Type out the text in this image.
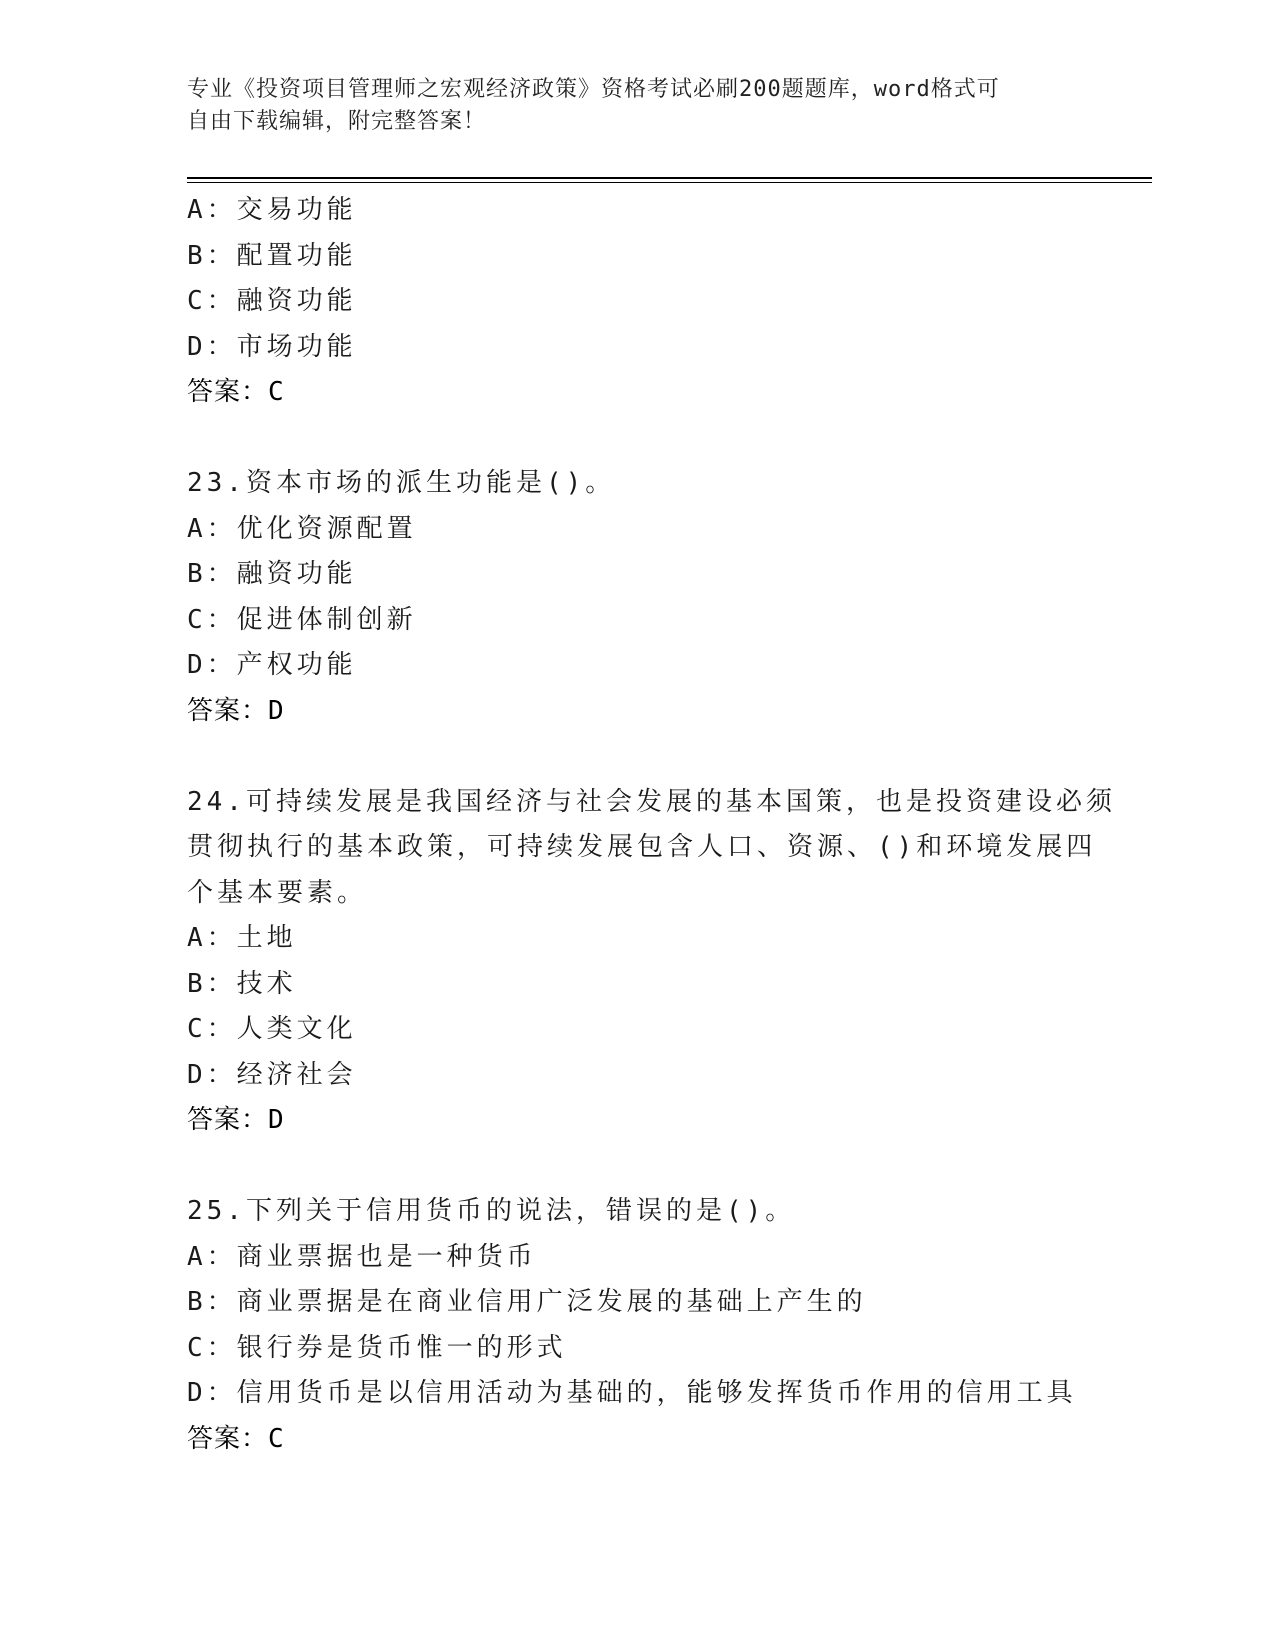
专业《投资项目管理师之宏观经济政策》资格考试必刷200题题库，word格式可
自由下载编辑，附完整答案！
A：交易功能
B：配置功能
C：融资功能
D：市场功能
答案：C
23.资本市场的派生功能是()。
A：优化资源配置
B：融资功能
C：促进体制创新
D：产权功能
答案：D
24.可持续发展是我国经济与社会发展的基本国策，也是投资建设必须
贯彻执行的基本政策，可持续发展包含人口、资源、()和环境发展四
个基本要素。
A：土地
B：技术
C：人类文化
D：经济社会
答案：D
25.下列关于信用货币的说法，错误的是()。
A：商业票据也是一种货币
B：商业票据是在商业信用广泛发展的基础上产生的
C：银行券是货币惟一的形式
D：信用货币是以信用活动为基础的，能够发挥货币作用的信用工具
答案：C
